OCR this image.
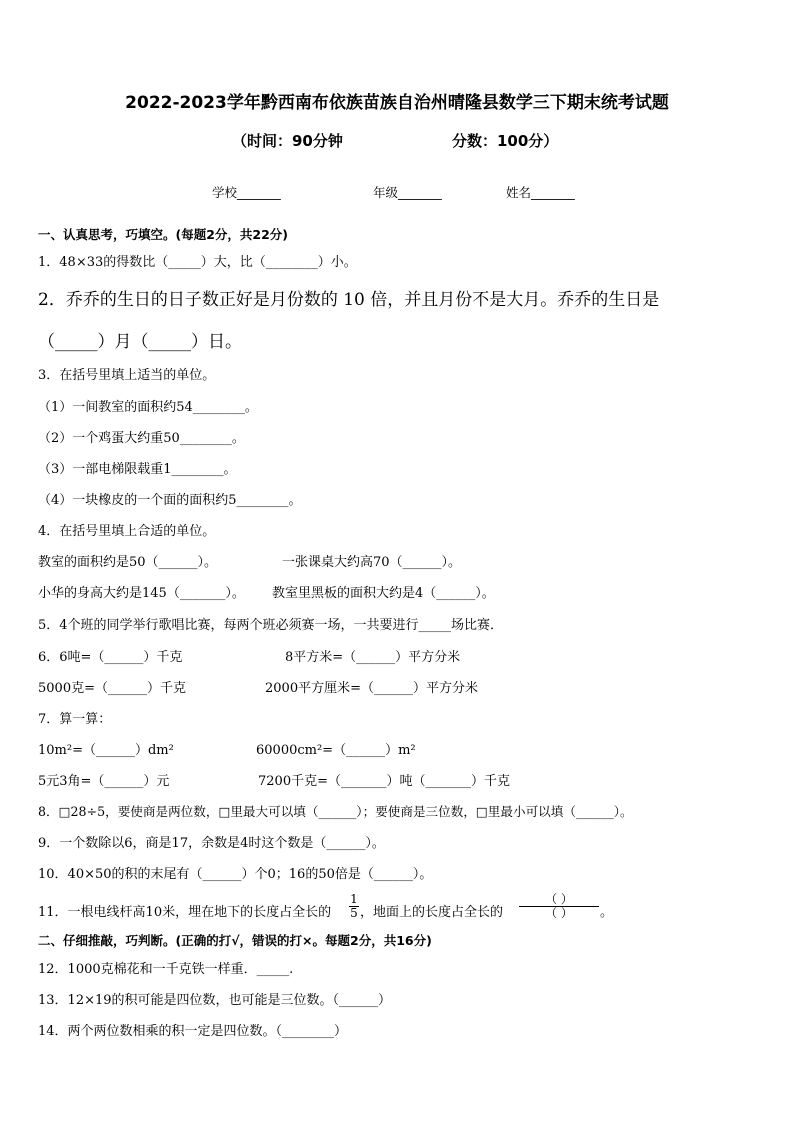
2022-2023学年黔西南布依族苗族自治州晴隆县数学三下期末统考试题
（时间：90分钟	分数：100分）
学校_______	年级_______	姓名_______
一、认真思考，巧填空。(每题2分，共22分)
1．48×33的得数比（_____）大，比（________）小。
2．乔乔的生日的日子数正好是月份数的 10 倍，并且月份不是大月。乔乔的生日是
（_____）月（_____）日。
3．在括号里填上适当的单位。
（1）一间教室的面积约54________。
（2）一个鸡蛋大约重50________。
（3）一部电梯限载重1________。
（4）一块橡皮的一个面的面积约5________。
4．在括号里填上合适的单位。
教室的面积约是50（______）。	一张课桌大约高70（______）。
小华的身高大约是145（_______）。 教室里黑板的面积大约是4（______）。
5．4个班的同学举行歌唱比赛，每两个班必须赛一场，一共要进行_____场比赛．
6．6吨=（______）千克	8平方米=（______）平方分米
5000克=（______）千克	2000平方厘米=（______）平方分米
7．算一算：
10m²=（______）dm²	60000cm²=（______）m²
5元3角=（______）元	7200千克=（_______）吨（_______）千克
8．□28÷5，要使商是两位数，□里最大可以填（______）；要使商是三位数，□里最小可以填（______）。
9．一个数除以6，商是17，余数是4时这个数是（______）。
10．40×50的积的末尾有（______）个0；16的50倍是（______）。
11．一根电线杆高10米，埋在地下的长度占全长的
1
5 ，地面上的长度占全长的
（ ）
（ ）	。
二、仔细推敲，巧判断。(正确的打√，错误的打×。每题2分，共16分)
12．1000克棉花和一千克铁一样重．_____.
13．12×19的积可能是四位数，也可能是三位数。（______）
14．两个两位数相乘的积一定是四位数。（________）
